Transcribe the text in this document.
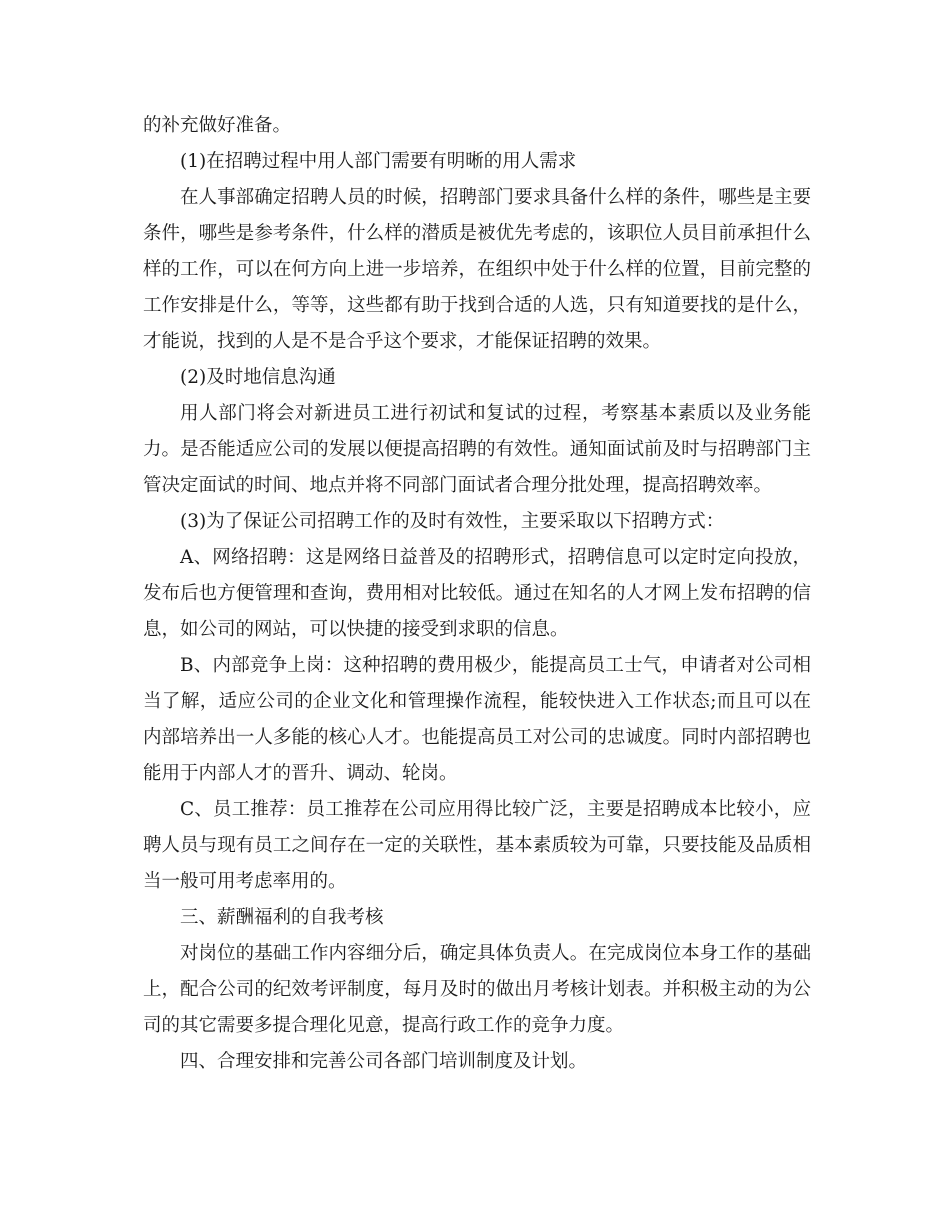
的补充做好准备。

(1)在招聘过程中用人部门需要有明晰的用人需求

在人事部确定招聘人员的时候，招聘部门要求具备什么样的条件，哪些是主要条件，哪些是参考条件，什么样的潜质是被优先考虑的，该职位人员目前承担什么样的工作，可以在何方向上进一步培养，在组织中处于什么样的位置，目前完整的工作安排是什么，等等，这些都有助于找到合适的人选，只有知道要找的是什么，才能说，找到的人是不是合乎这个要求，才能保证招聘的效果。

(2)及时地信息沟通

用人部门将会对新进员工进行初试和复试的过程，考察基本素质以及业务能力。是否能适应公司的发展以便提高招聘的有效性。通知面试前及时与招聘部门主管决定面试的时间、地点并将不同部门面试者合理分批处理，提高招聘效率。

(3)为了保证公司招聘工作的及时有效性，主要采取以下招聘方式：

A、网络招聘：这是网络日益普及的招聘形式，招聘信息可以定时定向投放，发布后也方便管理和查询，费用相对比较低。通过在知名的人才网上发布招聘的信息，如公司的网站，可以快捷的接受到求职的信息。

B、内部竞争上岗：这种招聘的费用极少，能提高员工士气，申请者对公司相当了解，适应公司的企业文化和管理操作流程，能较快进入工作状态;而且可以在内部培养出一人多能的核心人才。也能提高员工对公司的忠诚度。同时内部招聘也能用于内部人才的晋升、调动、轮岗。

C、员工推荐：员工推荐在公司应用得比较广泛，主要是招聘成本比较小，应聘人员与现有员工之间存在一定的关联性，基本素质较为可靠，只要技能及品质相当一般可用考虑率用的。

三、薪酬福利的自我考核

对岗位的基础工作内容细分后，确定具体负责人。在完成岗位本身工作的基础上，配合公司的纪效考评制度，每月及时的做出月考核计划表。并积极主动的为公司的其它需要多提合理化见意，提高行政工作的竞争力度。

四、合理安排和完善公司各部门培训制度及计划。
